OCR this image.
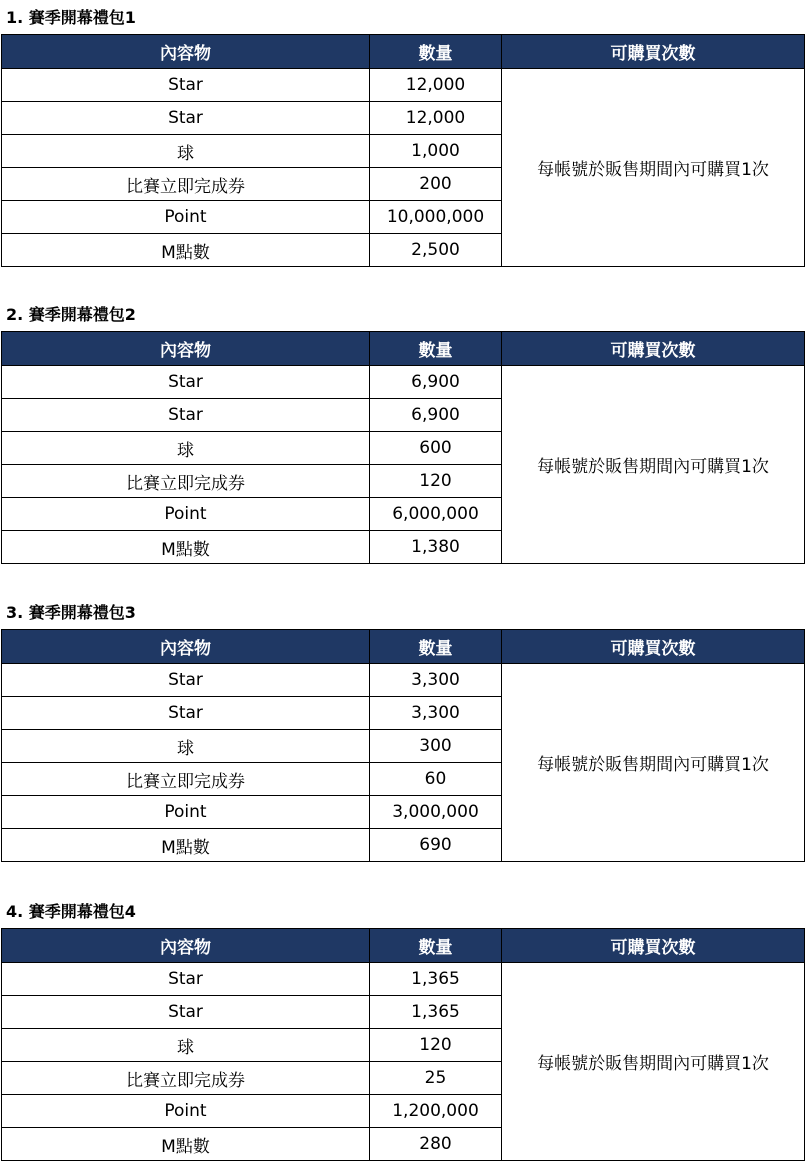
1. 賽季開幕禮包1
內容物	數量	可購買次數
Star	12,000	每帳號於販售期間內可購買1次
Star	12,000	
球	1,000	
比賽立即完成券	200	
Point	10,000,000	
M點數	2,500	
2. 賽季開幕禮包2
內容物	數量	可購買次數
Star	6,900	每帳號於販售期間內可購買1次
Star	6,900	
球	600	
比賽立即完成券	120	
Point	6,000,000	
M點數	1,380	
3. 賽季開幕禮包3
內容物	數量	可購買次數
Star	3,300	每帳號於販售期間內可購買1次
Star	3,300	
球	300	
比賽立即完成券	60	
Point	3,000,000	
M點數	690	
4. 賽季開幕禮包4
內容物	數量	可購買次數
Star	1,365	每帳號於販售期間內可購買1次
Star	1,365	
球	120	
比賽立即完成券	25	
Point	1,200,000	
M點數	280	
